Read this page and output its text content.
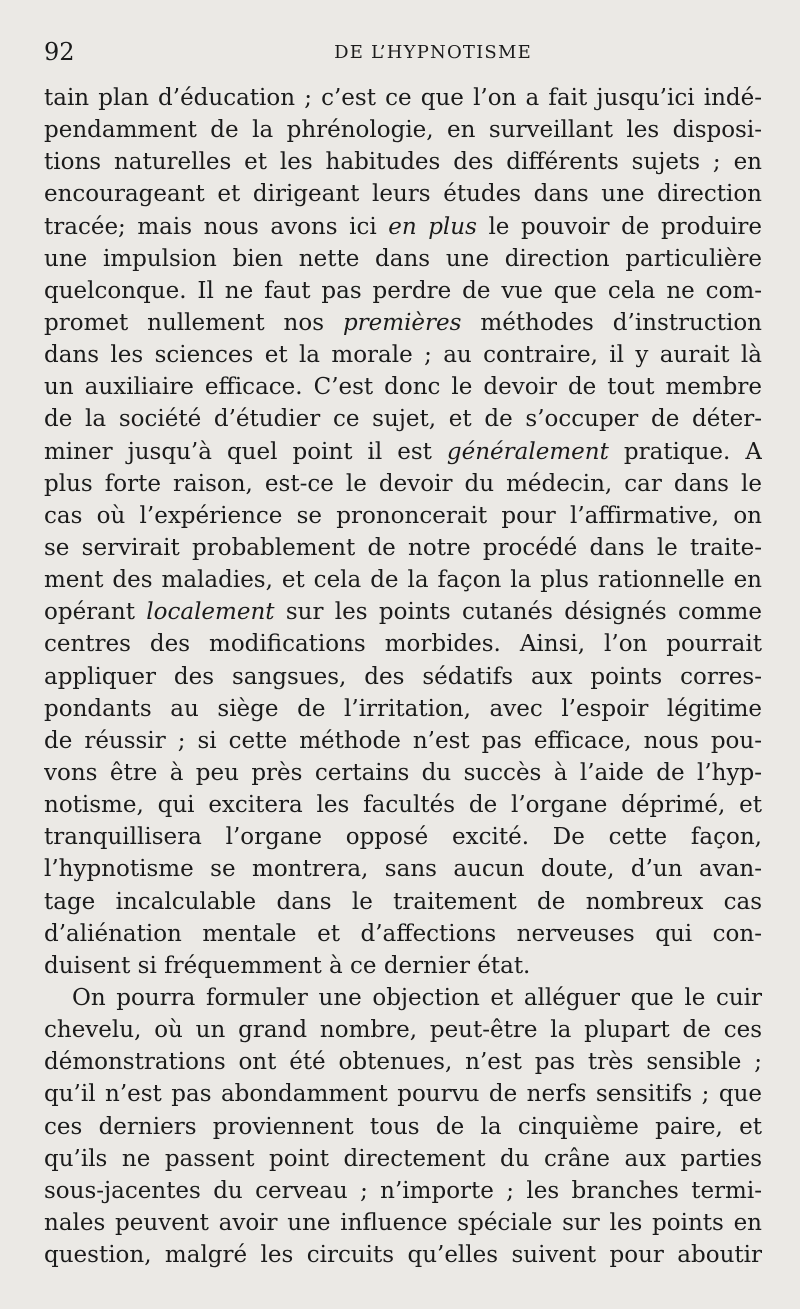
92	DE L’HYPNOTISME
tain plan d’éducation ; c’est ce que l’on a fait jusqu’ici indé-
pendamment de la phrénologie, en surveillant les disposi-
tions naturelles et les habitudes des différents sujets ; en
encourageant et dirigeant leurs études dans une direction
tracée; mais nous avons ici en plus le pouvoir de produire
une impulsion bien nette dans une direction particulière
quelconque. Il ne faut pas perdre de vue que cela ne com-
promet nullement nos premières méthodes d’instruction
dans les sciences et la morale ; au contraire, il y aurait là
un auxiliaire efficace. C’est donc le devoir de tout membre
de la société d’étudier ce sujet, et de s’occuper de déter-
miner jusqu’à quel point il est généralement pratique. A
plus forte raison, est-ce le devoir du médecin, car dans le
cas où l’expérience se prononcerait pour l’affirmative, on
se servirait probablement de notre procédé dans le traite-
ment des maladies, et cela de la façon la plus rationnelle en
opérant localement sur les points cutanés désignés comme
centres des modifications morbides. Ainsi, l’on pourrait
appliquer des sangsues, des sédatifs aux points corres-
pondants au siège de l’irritation, avec l’espoir légitime
de réussir ; si cette méthode n’est pas efficace, nous pou-
vons être à peu près certains du succès à l’aide de l’hyp-
notisme, qui excitera les facultés de l’organe déprimé, et
tranquillisera l’organe opposé excité. De cette façon,
l’hypnotisme se montrera, sans aucun doute, d’un avan-
tage incalculable dans le traitement de nombreux cas
d’aliénation mentale et d’affections nerveuses qui con-
duisent si fréquemment à ce dernier état.
On pourra formuler une objection et alléguer que le cuir
chevelu, où un grand nombre, peut-être la plupart de ces
démonstrations ont été obtenues, n’est pas très sensible ;
qu’il n’est pas abondamment pourvu de nerfs sensitifs ; que
ces derniers proviennent tous de la cinquième paire, et
qu’ils ne passent point directement du crâne aux parties
sous-jacentes du cerveau ; n’importe ; les branches termi-
nales peuvent avoir une influence spéciale sur les points en
question, malgré les circuits qu’elles suivent pour aboutir
